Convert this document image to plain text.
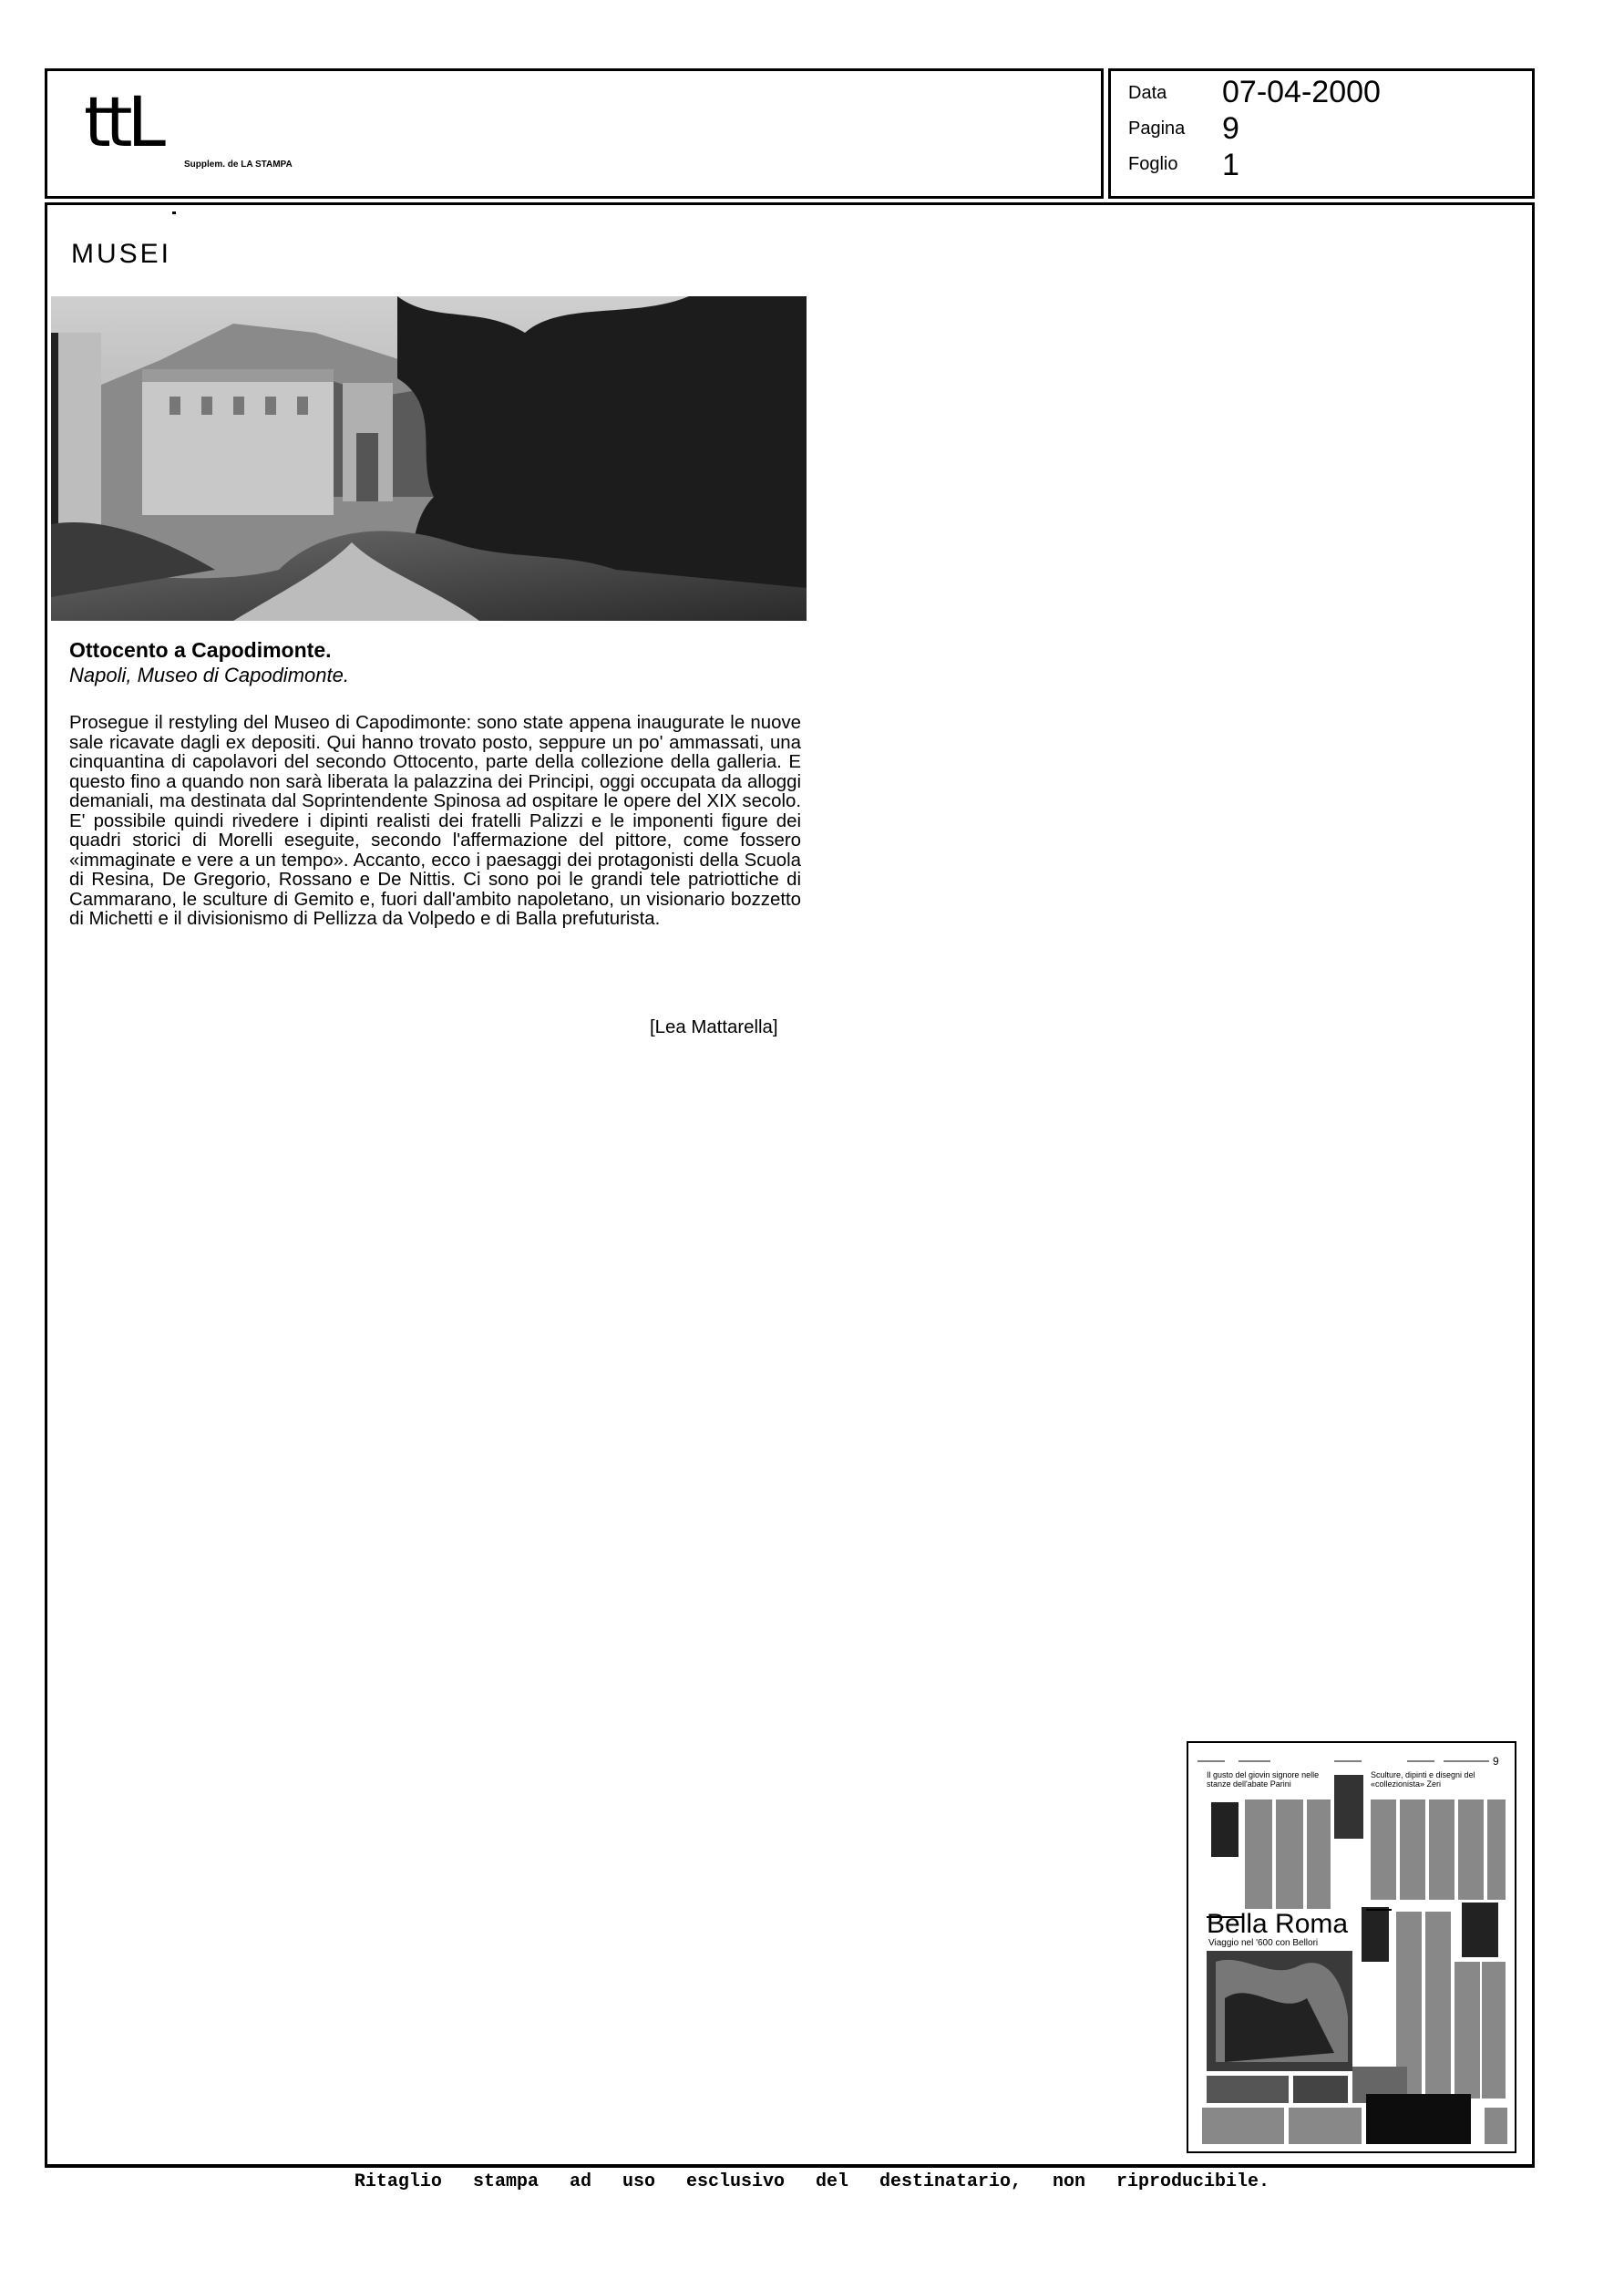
ttL
Supplem. de LA STAMPA
Data 07-04-2000
Pagina 9
Foglio 1
MUSEI
Ottocento a Capodimonte.
Napoli, Museo di Capodimonte.
Prosegue il restyling del Museo di Capodimonte: sono state appena inaugurate le nuove sale ricavate dagli ex depositi. Qui hanno trovato posto, seppure un po' ammassati, una cinquantina di capolavori del secondo Ottocento, parte della collezione della galleria. E questo fino a quando non sarà liberata la palazzina dei Principi, oggi occupata da alloggi demaniali, ma destinata dal Soprintendente Spinosa ad ospitare le opere del XIX secolo. E' possibile quindi rivedere i dipinti realisti dei fratelli Palizzi e le imponenti figure dei quadri storici di Morelli eseguite, secondo l'affermazione del pittore, come fossero «immaginate e vere a un tempo». Accanto, ecco i paesaggi dei protagonisti della Scuola di Resina, De Gregorio, Rossano e De Nittis. Ci sono poi le grandi tele patriottiche di Cammarano, le sculture di Gemito e, fuori dall'ambito napoletano, un visionario bozzetto di Michetti e il divisionismo di Pellizza da Volpedo e di Balla prefuturista.
[Lea Mattarella]
9
Il gusto del giovin signore nelle stanze dell'abate Parini
Sculture, dipinti e disegni del «collezionista» Zeri
Bella Roma
Viaggio nel '600 con Bellori
Ritaglio stampa ad uso esclusivo del destinatario, non riproducibile.
